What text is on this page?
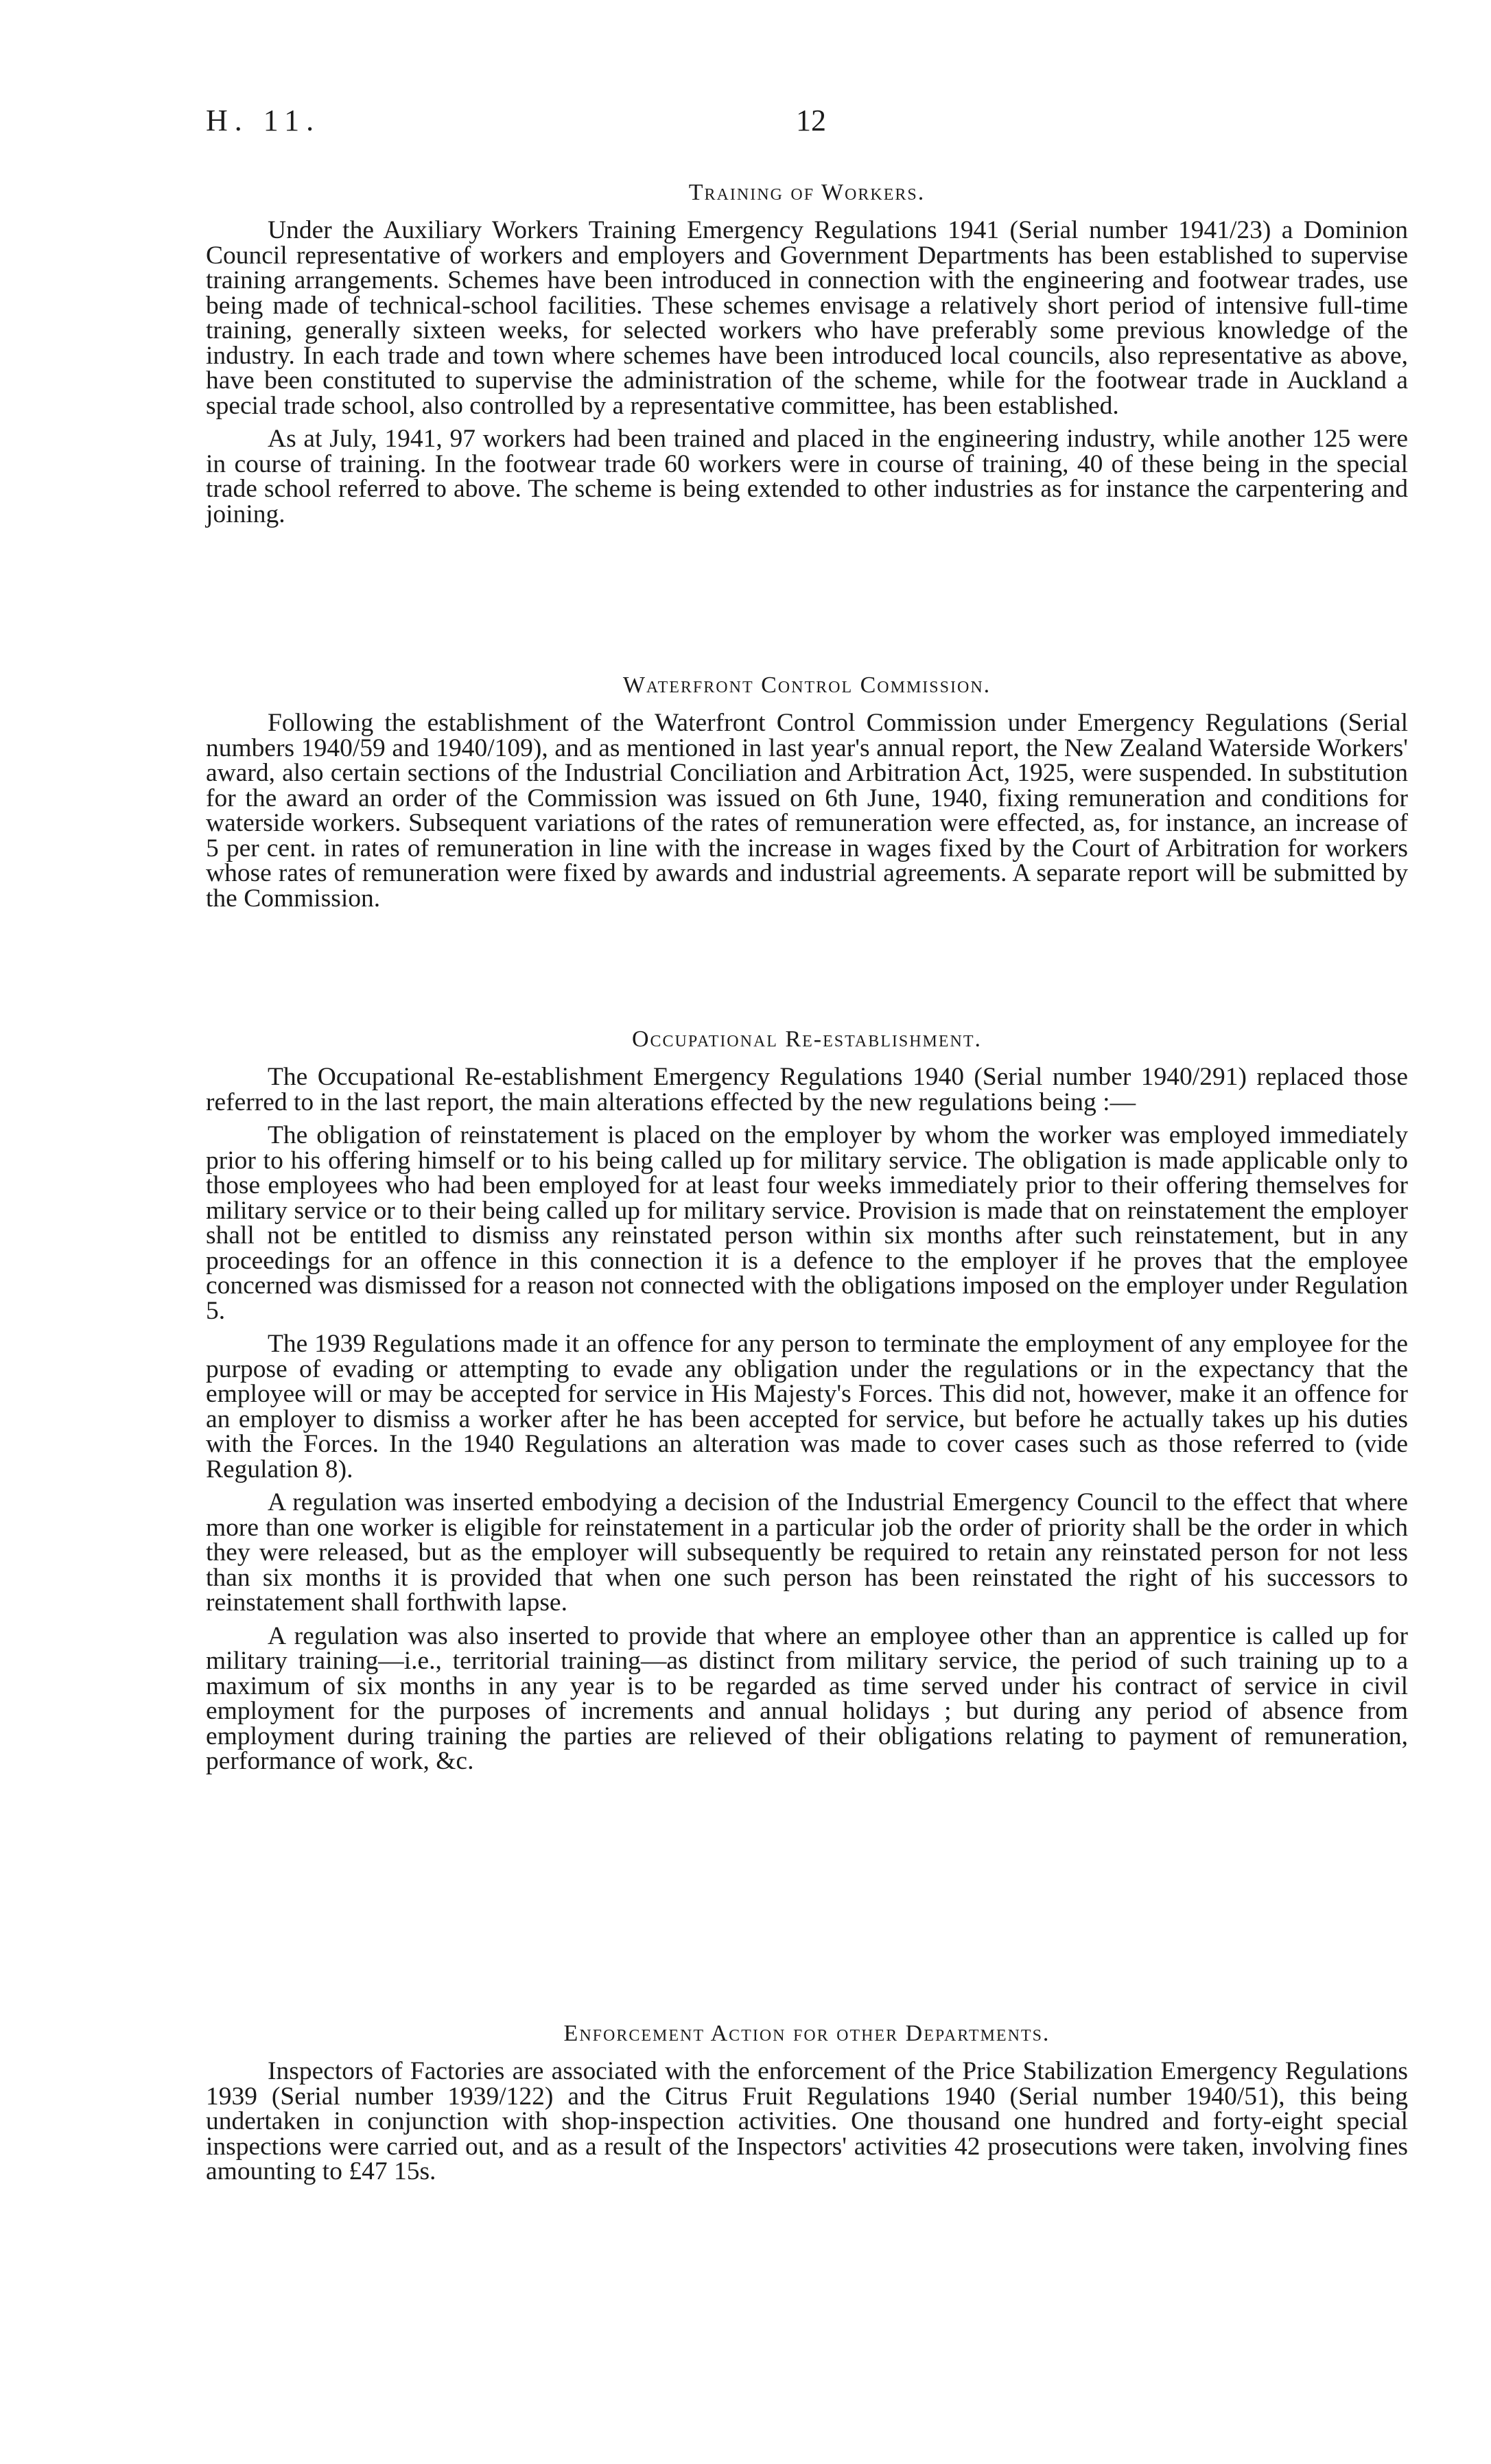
H. 11.	12
Training of Workers.

Under the Auxiliary Workers Training Emergency Regulations 1941 (Serial number 1941/23) a Dominion Council representative of workers and employers and Government Departments has been established to supervise training arrangements. Schemes have been introduced in connection with the engineering and footwear trades, use being made of technical-school facilities. These schemes envisage a relatively short period of intensive full-time training, generally sixteen weeks, for selected workers who have preferably some previous knowledge of the industry. In each trade and town where schemes have been introduced local councils, also representative as above, have been constituted to supervise the administration of the scheme, while for the footwear trade in Auckland a special trade school, also controlled by a representative committee, has been established.

As at July, 1941, 97 workers had been trained and placed in the engineering industry, while another 125 were in course of training. In the footwear trade 60 workers were in course of training, 40 of these being in the special trade school referred to above. The scheme is being extended to other industries as for instance the carpentering and joining.

Waterfront Control Commission.

Following the establishment of the Waterfront Control Commission under Emergency Regulations (Serial numbers 1940/59 and 1940/109), and as mentioned in last year's annual report, the New Zealand Waterside Workers' award, also certain sections of the Industrial Conciliation and Arbitration Act, 1925, were suspended. In substitution for the award an order of the Commission was issued on 6th June, 1940, fixing remuneration and conditions for waterside workers. Subsequent variations of the rates of remuneration were effected, as, for instance, an increase of 5 per cent. in rates of remuneration in line with the increase in wages fixed by the Court of Arbitration for workers whose rates of remuneration were fixed by awards and industrial agreements. A separate report will be submitted by the Commission.

Occupational Re-establishment.

The Occupational Re-establishment Emergency Regulations 1940 (Serial number 1940/291) replaced those referred to in the last report, the main alterations effected by the new regulations being :—

The obligation of reinstatement is placed on the employer by whom the worker was employed immediately prior to his offering himself or to his being called up for military service. The obligation is made applicable only to those employees who had been employed for at least four weeks immediately prior to their offering themselves for military service or to their being called up for military service. Provision is made that on reinstatement the employer shall not be entitled to dismiss any reinstated person within six months after such reinstatement, but in any proceedings for an offence in this connection it is a defence to the employer if he proves that the employee concerned was dismissed for a reason not connected with the obligations imposed on the employer under Regulation 5.

The 1939 Regulations made it an offence for any person to terminate the employment of any employee for the purpose of evading or attempting to evade any obligation under the regulations or in the expectancy that the employee will or may be accepted for service in His Majesty's Forces. This did not, however, make it an offence for an employer to dismiss a worker after he has been accepted for service, but before he actually takes up his duties with the Forces. In the 1940 Regulations an alteration was made to cover cases such as those referred to (vide Regulation 8).

A regulation was inserted embodying a decision of the Industrial Emergency Council to the effect that where more than one worker is eligible for reinstatement in a particular job the order of priority shall be the order in which they were released, but as the employer will subsequently be required to retain any reinstated person for not less than six months it is provided that when one such person has been reinstated the right of his successors to reinstatement shall forthwith lapse.

A regulation was also inserted to provide that where an employee other than an apprentice is called up for military training—i.e., territorial training—as distinct from military service, the period of such training up to a maximum of six months in any year is to be regarded as time served under his contract of service in civil employment for the purposes of increments and annual holidays ; but during any period of absence from employment during training the parties are relieved of their obligations relating to payment of remuneration, performance of work, &c.

Enforcement Action for other Departments.

Inspectors of Factories are associated with the enforcement of the Price Stabilization Emergency Regulations 1939 (Serial number 1939/122) and the Citrus Fruit Regulations 1940 (Serial number 1940/51), this being undertaken in conjunction with shop-inspection activities. One thousand one hundred and forty-eight special inspections were carried out, and as a result of the Inspectors' activities 42 prosecutions were taken, involving fines amounting to £47 15s.
